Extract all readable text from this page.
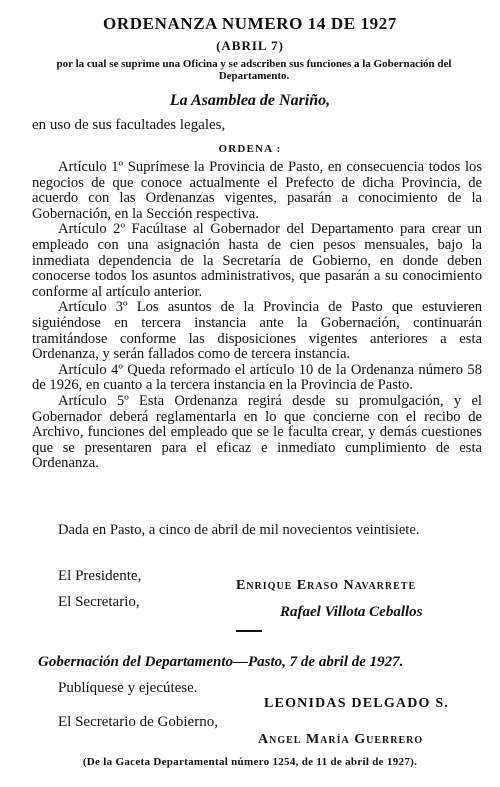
ORDENANZA NUMERO 14 DE 1927
(ABRIL 7)
por la cual se suprime una Oficina y se adscriben sus funciones a la Gobernación del Departamento.
La Asamblea de Nariño,
en uso de sus facultades legales,
ORDENA :

Artículo 1º Suprímese la Provincia de Pasto, en consecuencia todos los negocios de que conoce actualmente el Prefecto de dicha Provincia, de acuerdo con las Ordenanzas vigentes, pasarán a conocimiento de la Gobernación, en la Sección respectiva.

Artículo 2º Facúltase al Gobernador del Departamento para crear un empleado con una asignación hasta de cien pesos mensuales, bajo la inmediata dependencia de la Secretaría de Gobierno, en donde deben conocerse todos los asuntos administrativos, que pasarán a su conocimiento conforme al artículo anterior.

Artículo 3º Los asuntos de la Provincia de Pasto que estuvieren siguiéndose en tercera instancia ante la Gobernación, continuarán tramitándose conforme las disposiciones vigentes anteriores a esta Ordenanza, y serán fallados como de tercera instancia.

Artículo 4º Queda reformado el artículo 10 de la Ordenanza número 58 de 1926, en cuanto a la tercera instancia en la Provincia de Pasto.

Artículo 5º Esta Ordenanza regirá desde su promulgación, y el Gobernador deberá reglamentarla en lo que concierne con el recibo de Archivo, funciones del empleado que se le faculta crear, y demás cuestiones que se presentaren para el eficaz e inmediato cumplimiento de esta Ordenanza.

Dada en Pasto, a cinco de abril de mil novecientos veintisiete.

El Presidente,
Enrique Eraso Navarrete
El Secretario,
Rafael Villota Ceballos
Gobernación del Departamento—Pasto, 7 de abril de 1927.
Publíquese y ejecútese.
LEONIDAS DELGADO S.
El Secretario de Gobierno,
Angel María Guerrero
(De la Gaceta Departamental número 1254, de 11 de abril de 1927).
